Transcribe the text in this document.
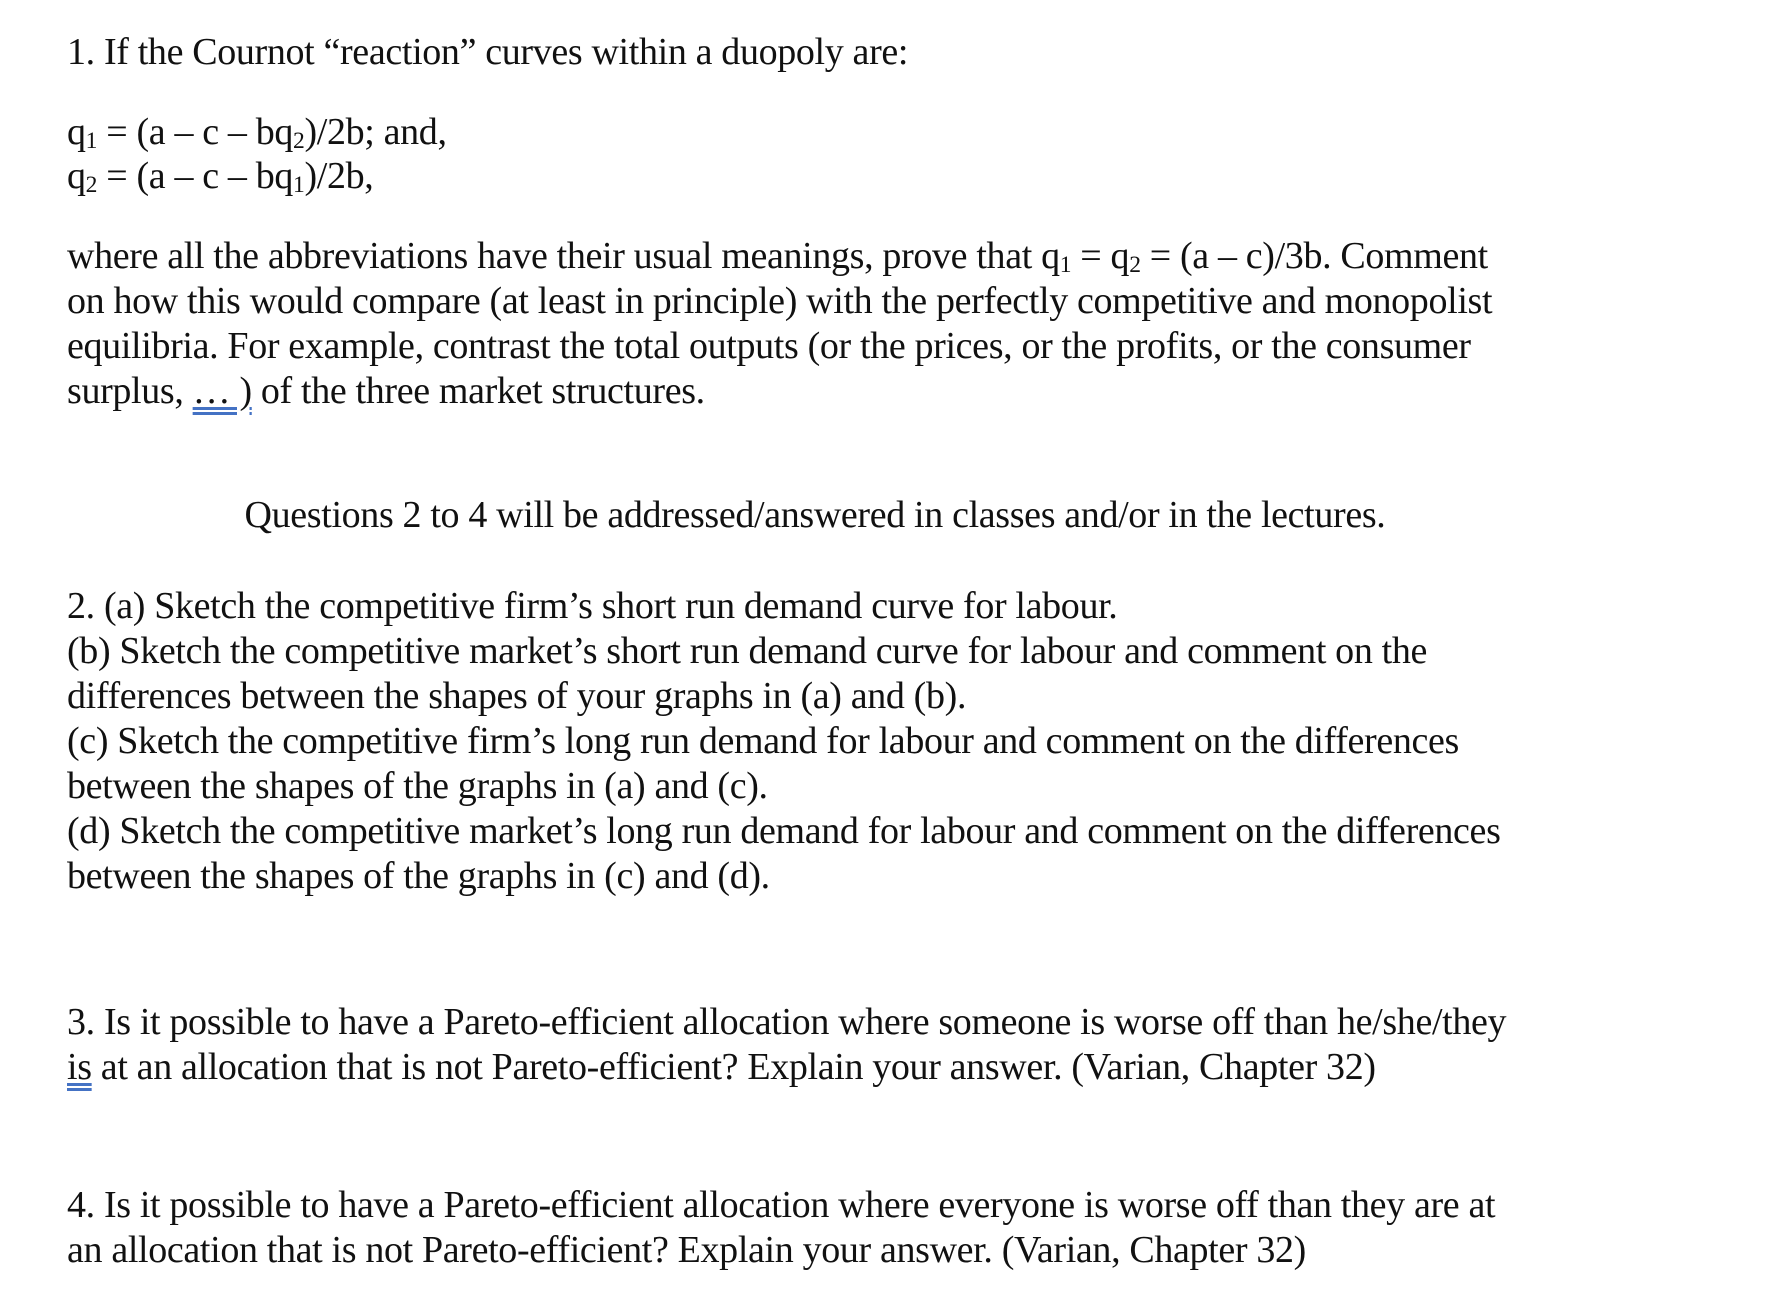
1. If the Cournot “reaction” curves within a duopoly are:
$q_1 = (a - c - bq_2)/2b$; and,
$q_2 = (a - c - bq_1)/2b$,
where all the abbreviations have their usual meanings, prove that $q_1 = q_2 = (a - c)/3b$. Comment
on how this would compare (at least in principle) with the perfectly competitive and monopolist
equilibria. For example, contrast the total outputs (or the prices, or the profits, or the consumer
surplus, … ) of the three market structures.
Questions 2 to 4 will be addressed/answered in classes and/or in the lectures.
2. (a) Sketch the competitive firm’s short run demand curve for labour.
(b) Sketch the competitive market’s short run demand curve for labour and comment on the
differences between the shapes of your graphs in (a) and (b).
(c) Sketch the competitive firm’s long run demand for labour and comment on the differences
between the shapes of the graphs in (a) and (c).
(d) Sketch the competitive market’s long run demand for labour and comment on the differences
between the shapes of the graphs in (c) and (d).
3. Is it possible to have a Pareto-efficient allocation where someone is worse off than he/she/they
is at an allocation that is not Pareto-efficient? Explain your answer. (Varian, Chapter 32)
4. Is it possible to have a Pareto-efficient allocation where everyone is worse off than they are at
an allocation that is not Pareto-efficient? Explain your answer. (Varian, Chapter 32)
